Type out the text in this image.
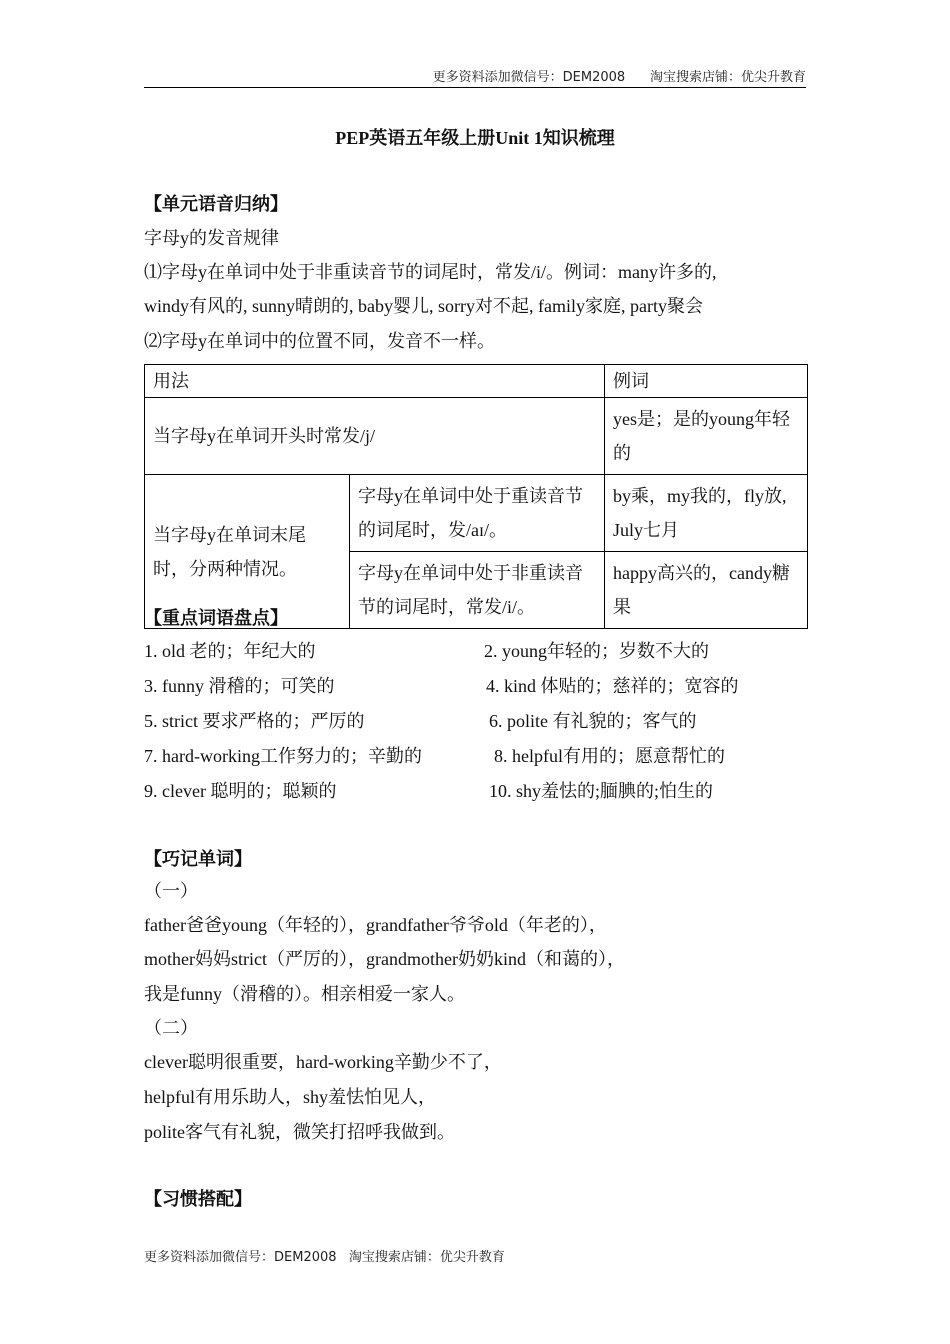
更多资料添加微信号：DEM2008      淘宝搜索店铺：优尖升教育
PEP英语五年级上册Unit 1知识梳理
【单元语音归纳】
字母y的发音规律
⑴字母y在单词中处于非重读音节的词尾时，常发/i/。例词：many许多的,
windy有风的, sunny晴朗的, baby婴儿, sorry对不起, family家庭, party聚会
⑵字母y在单词中的位置不同，发音不一样。
用法		例词
当字母y在单词开头时常发/j/		yes是；是的young年轻的
当字母y在单词末尾时，分两种情况。	字母y在单词中处于重读音节的词尾时，发/aɪ/。	by乘，my我的，fly放, July七月
	字母y在单词中处于非重读音节的词尾时，常发/i/。	happy高兴的，candy糖果
【重点词语盘点】
1. old 老的；年纪大的	2. young年轻的；岁数不大的
3. funny 滑稽的；可笑的	4. kind 体贴的；慈祥的；宽容的
5. strict 要求严格的；严厉的	6. polite 有礼貌的；客气的
7. hard-working工作努力的；辛勤的	8. helpful有用的；愿意帮忙的
9. clever 聪明的；聪颖的	10. shy羞怯的;腼腆的;怕生的
【巧记单词】
（一）
father爸爸young（年轻的），grandfather爷爷old（年老的），
mother妈妈strict（严厉的），grandmother奶奶kind（和蔼的），
我是funny（滑稽的）。相亲相爱一家人。
（二）
clever聪明很重要，hard-working辛勤少不了，
helpful有用乐助人，shy羞怯怕见人，
polite客气有礼貌，微笑打招呼我做到。
【习惯搭配】
更多资料添加微信号：DEM2008   淘宝搜索店铺：优尖升教育
